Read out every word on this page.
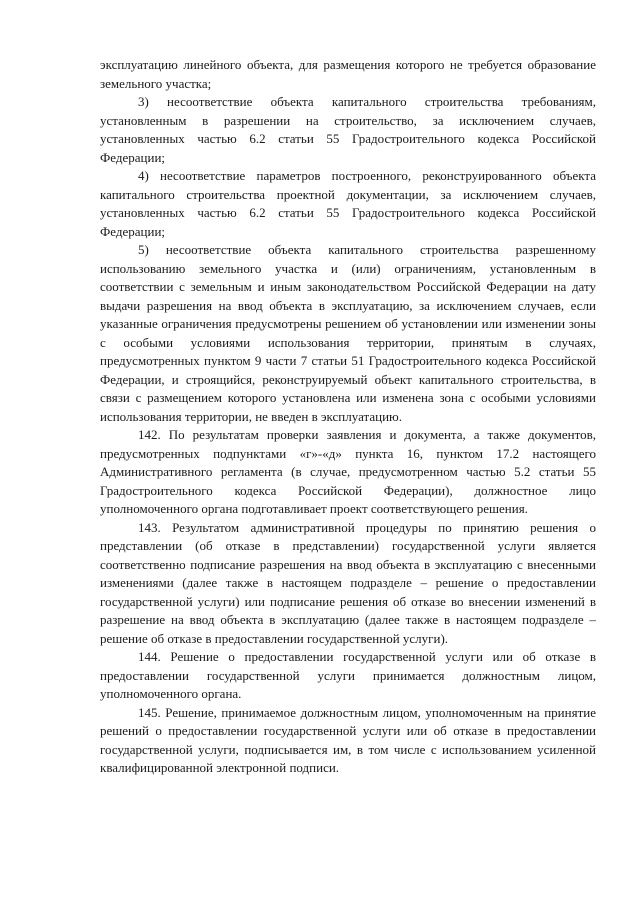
эксплуатацию линейного объекта, для размещения которого не требуется образование земельного участка;

3) несоответствие объекта капитального строительства требованиям, установленным в разрешении на строительство, за исключением случаев, установленных частью 6.2 статьи 55 Градостроительного кодекса Российской Федерации;

4) несоответствие параметров построенного, реконструированного объекта капитального строительства проектной документации, за исключением случаев, установленных частью 6.2 статьи 55 Градостроительного кодекса Российской Федерации;

5) несоответствие объекта капитального строительства разрешенному использованию земельного участка и (или) ограничениям, установленным в соответствии с земельным и иным законодательством Российской Федерации на дату выдачи разрешения на ввод объекта в эксплуатацию, за исключением случаев, если указанные ограничения предусмотрены решением об установлении или изменении зоны с особыми условиями использования территории, принятым в случаях, предусмотренных пунктом 9 части 7 статьи 51 Градостроительного кодекса Российской Федерации, и строящийся, реконструируемый объект капитального строительства, в связи с размещением которого установлена или изменена зона с особыми условиями использования территории, не введен в эксплуатацию.

142. По результатам проверки заявления и документа, а также документов, предусмотренных подпунктами «г»-«д» пункта 16, пунктом 17.2 настоящего Административного регламента (в случае, предусмотренном частью 5.2 статьи 55 Градостроительного кодекса Российской Федерации), должностное лицо уполномоченного органа подготавливает проект соответствующего решения.

143. Результатом административной процедуры по принятию решения о представлении (об отказе в представлении) государственной услуги является соответственно подписание разрешения на ввод объекта в эксплуатацию с внесенными изменениями (далее также в настоящем подразделе – решение о предоставлении государственной услуги) или подписание решения об отказе во внесении изменений в разрешение на ввод объекта в эксплуатацию (далее также в настоящем подразделе – решение об отказе в предоставлении государственной услуги).

144. Решение о предоставлении государственной услуги или об отказе в предоставлении государственной услуги принимается должностным лицом, уполномоченного органа.

145. Решение, принимаемое должностным лицом, уполномоченным на принятие решений о предоставлении государственной услуги или об отказе в предоставлении государственной услуги, подписывается им, в том числе с использованием усиленной квалифицированной электронной подписи.
